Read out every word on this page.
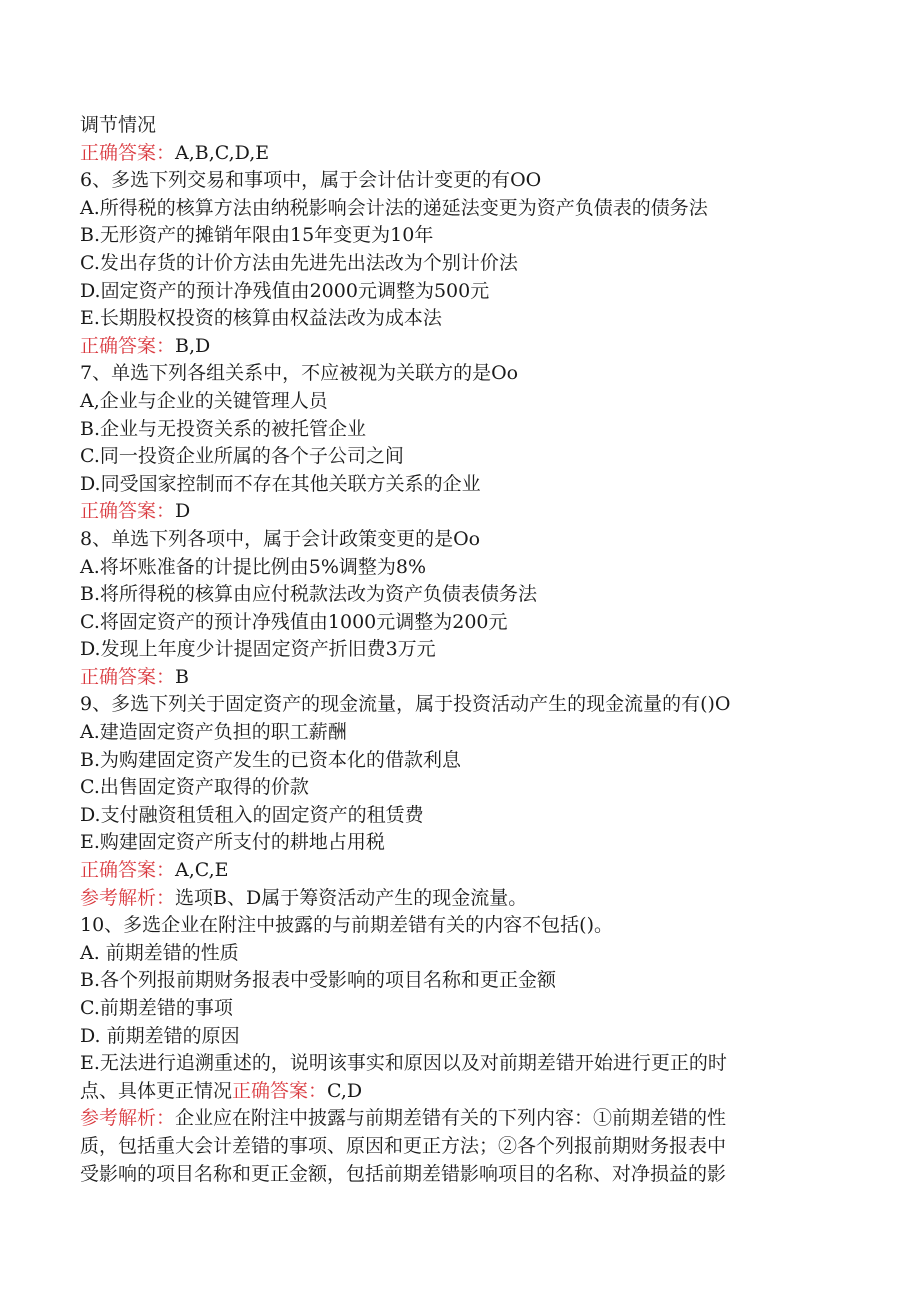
调节情况
正确答案：A,B,C,D,E
6、多选下列交易和事项中，属于会计估计变更的有OO
A.所得税的核算方法由纳税影响会计法的递延法变更为资产负债表的债务法
B.无形资产的摊销年限由15年变更为10年
C.发出存货的计价方法由先进先出法改为个别计价法
D.固定资产的预计净残值由2000元调整为500元
E.长期股权投资的核算由权益法改为成本法
正确答案：B,D
7、单选下列各组关系中，不应被视为关联方的是Oo
A,企业与企业的关键管理人员
B.企业与无投资关系的被托管企业
C.同一投资企业所属的各个子公司之间
D.同受国家控制而不存在其他关联方关系的企业
正确答案：D
8、单选下列各项中，属于会计政策变更的是Oo
A.将坏账准备的计提比例由5%调整为8%
B.将所得税的核算由应付税款法改为资产负债表债务法
C.将固定资产的预计净残值由1000元调整为200元
D.发现上年度少计提固定资产折旧费3万元
正确答案：B
9、多选下列关于固定资产的现金流量，属于投资活动产生的现金流量的有()O
A.建造固定资产负担的职工薪酬
B.为购建固定资产发生的已资本化的借款利息
C.出售固定资产取得的价款
D.支付融资租赁租入的固定资产的租赁费
E.购建固定资产所支付的耕地占用税
正确答案：A,C,E
参考解析：选项B、D属于筹资活动产生的现金流量。
10、多选企业在附注中披露的与前期差错有关的内容不包括()。
A. 前期差错的性质
B.各个列报前期财务报表中受影响的项目名称和更正金额
C.前期差错的事项
D. 前期差错的原因
E.无法进行追溯重述的，说明该事实和原因以及对前期差错开始进行更正的时
点、具体更正情况正确答案：C,D
参考解析：企业应在附注中披露与前期差错有关的下列内容：①前期差错的性
质，包括重大会计差错的事项、原因和更正方法；②各个列报前期财务报表中
受影响的项目名称和更正金额，包括前期差错影响项目的名称、对净损益的影
